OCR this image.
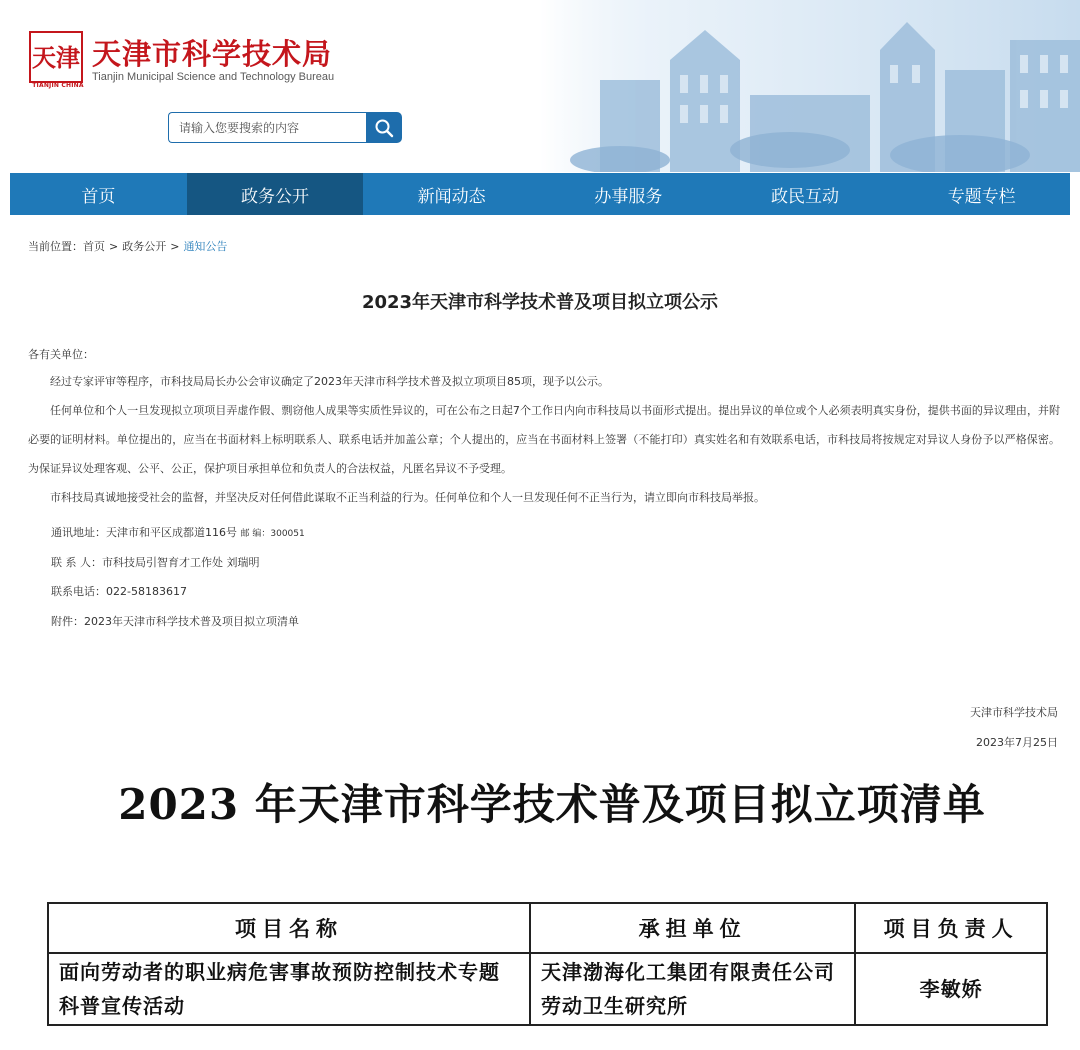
天津
TIANJIN CHINA
天津市科学技术局
Tianjin Municipal Science and Technology Bureau
请输入您要搜索的内容
首页	政务公开	新闻动态	办事服务	政民互动	专题专栏
当前位置：首页 > 政务公开 > 通知公告
2023年天津市科学技术普及项目拟立项公示
各有关单位：

经过专家评审等程序，市科技局局长办公会审议确定了2023年天津市科学技术普及拟立项项目85项，现予以公示。

任何单位和个人一旦发现拟立项项目弄虚作假、剽窃他人成果等实质性异议的，可在公布之日起7个工作日内向市科技局以书面形式提出。提出异议的单位或个人必须表明真实身份，提供书面的异议理由，并附必要的证明材料。单位提出的，应当在书面材料上标明联系人、联系电话并加盖公章；个人提出的，应当在书面材料上签署（不能打印）真实姓名和有效联系电话，市科技局将按规定对异议人身份予以严格保密。为保证异议处理客观、公平、公正，保护项目承担单位和负责人的合法权益，凡匿名异议不予受理。

市科技局真诚地接受社会的监督，并坚决反对任何借此谋取不正当利益的行为。任何单位和个人一旦发现任何不正当行为，请立即向市科技局举报。

通讯地址：天津市和平区成都道116号 邮 编：300051
联 系 人：市科技局引智育才工作处 刘瑞明
联系电话：022-58183617
附件：2023年天津市科学技术普及项目拟立项清单
天津市科学技术局
2023年7月25日
2023 年天津市科学技术普及项目拟立项清单
项目名称	承担单位	项目负责人
面向劳动者的职业病危害事故预防控制技术专题科普宣传活动	天津渤海化工集团有限责任公司劳动卫生研究所	李敏娇
